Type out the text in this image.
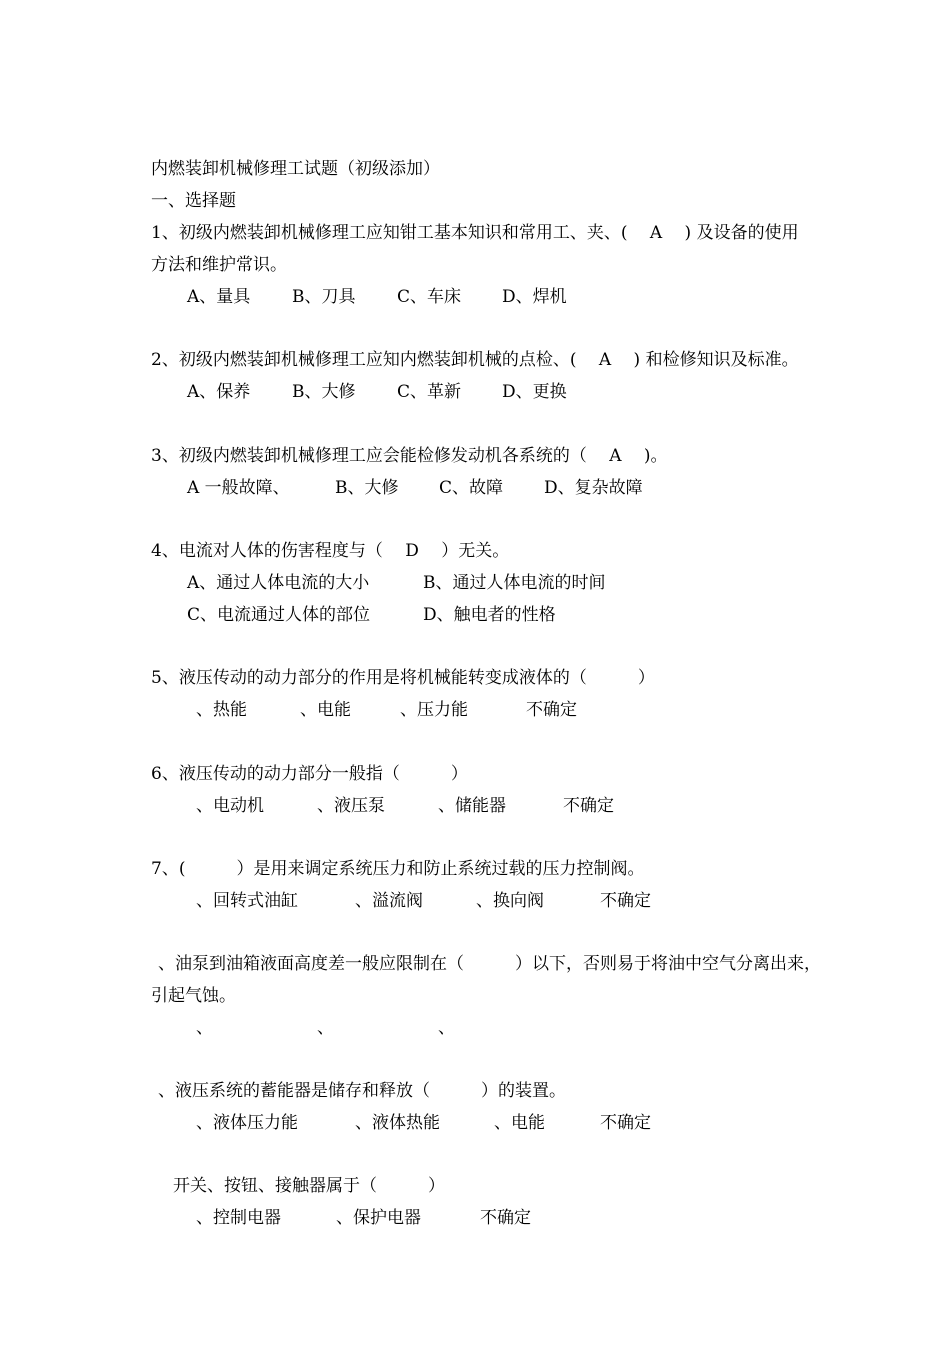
内燃装卸机械修理工试题（初级添加）
一、选择题
1、初级内燃装卸机械修理工应知钳工基本知识和常用工、夹、(　 A　 ) 及设备的使用
方法和维护常识。
A、量具 B、刀具 C、车床 D、焊机
2、初级内燃装卸机械修理工应知内燃装卸机械的点检、(　 A　 ) 和检修知识及标准。
A、保养 B、大修 C、革新 D、更换
3、初级内燃装卸机械修理工应会能检修发动机各系统的（　 A　 )。
A 一般故障、	B、大修 C、故障 D、复杂故障
4、电流对人体的伤害程度与（　 D　 ）无关。
A、通过人体电流的大小	B、通过人体电流的时间
C、电流通过人体的部位	D、触电者的性格
5、液压传动的动力部分的作用是将机械能转变成液体的（　　　）
、热能	、电能	、压力能	不确定
6、液压传动的动力部分一般指（　　　）
、电动机	、液压泵	、储能器	不确定
7、(　　　）是用来调定系统压力和防止系统过载的压力控制阀。
、回转式油缸	、溢流阀	、换向阀	不确定
、油泵到油箱液面高度差一般应限制在（　　　）以下，否则易于将油中空气分离出来，
引起气蚀。
、	、	、
、液压系统的蓄能器是储存和释放（　　　）的装置。
、液体压力能	、液体热能	、电能	不确定
开关、按钮、接触器属于（　　　）
、控制电器	、保护电器	不确定
